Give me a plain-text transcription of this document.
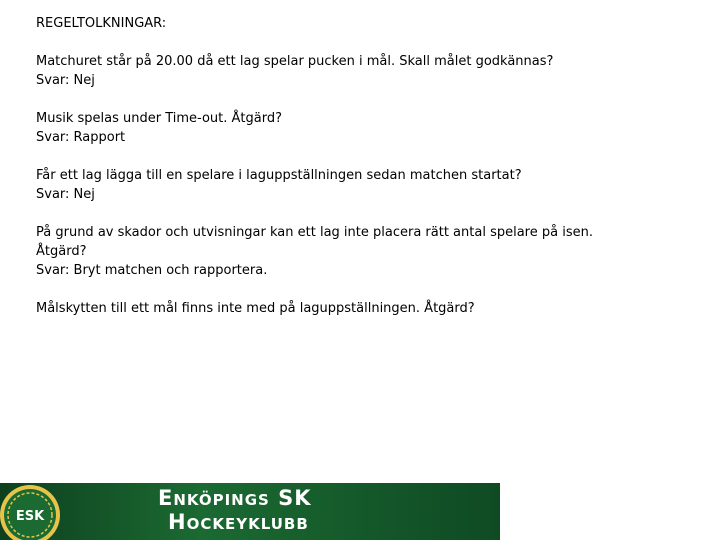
REGELTOLKNINGAR:

Matchuret står på 20.00 då ett lag spelar pucken i mål. Skall målet godkännas?

Svar: Nej

Musik spelas under Time-out. Åtgärd?

Svar: Rapport

Får ett lag lägga till en spelare i laguppställningen sedan matchen startat?

Svar: Nej

På grund av skador och utvisningar kan ett lag inte placera rätt antal spelare på isen.

Åtgärd?

Svar: Bryt matchen och rapportera.

Målskytten till ett mål finns inte med på laguppställningen. Åtgärd?

ESK
Enköpings SK
Hockeyklubb
